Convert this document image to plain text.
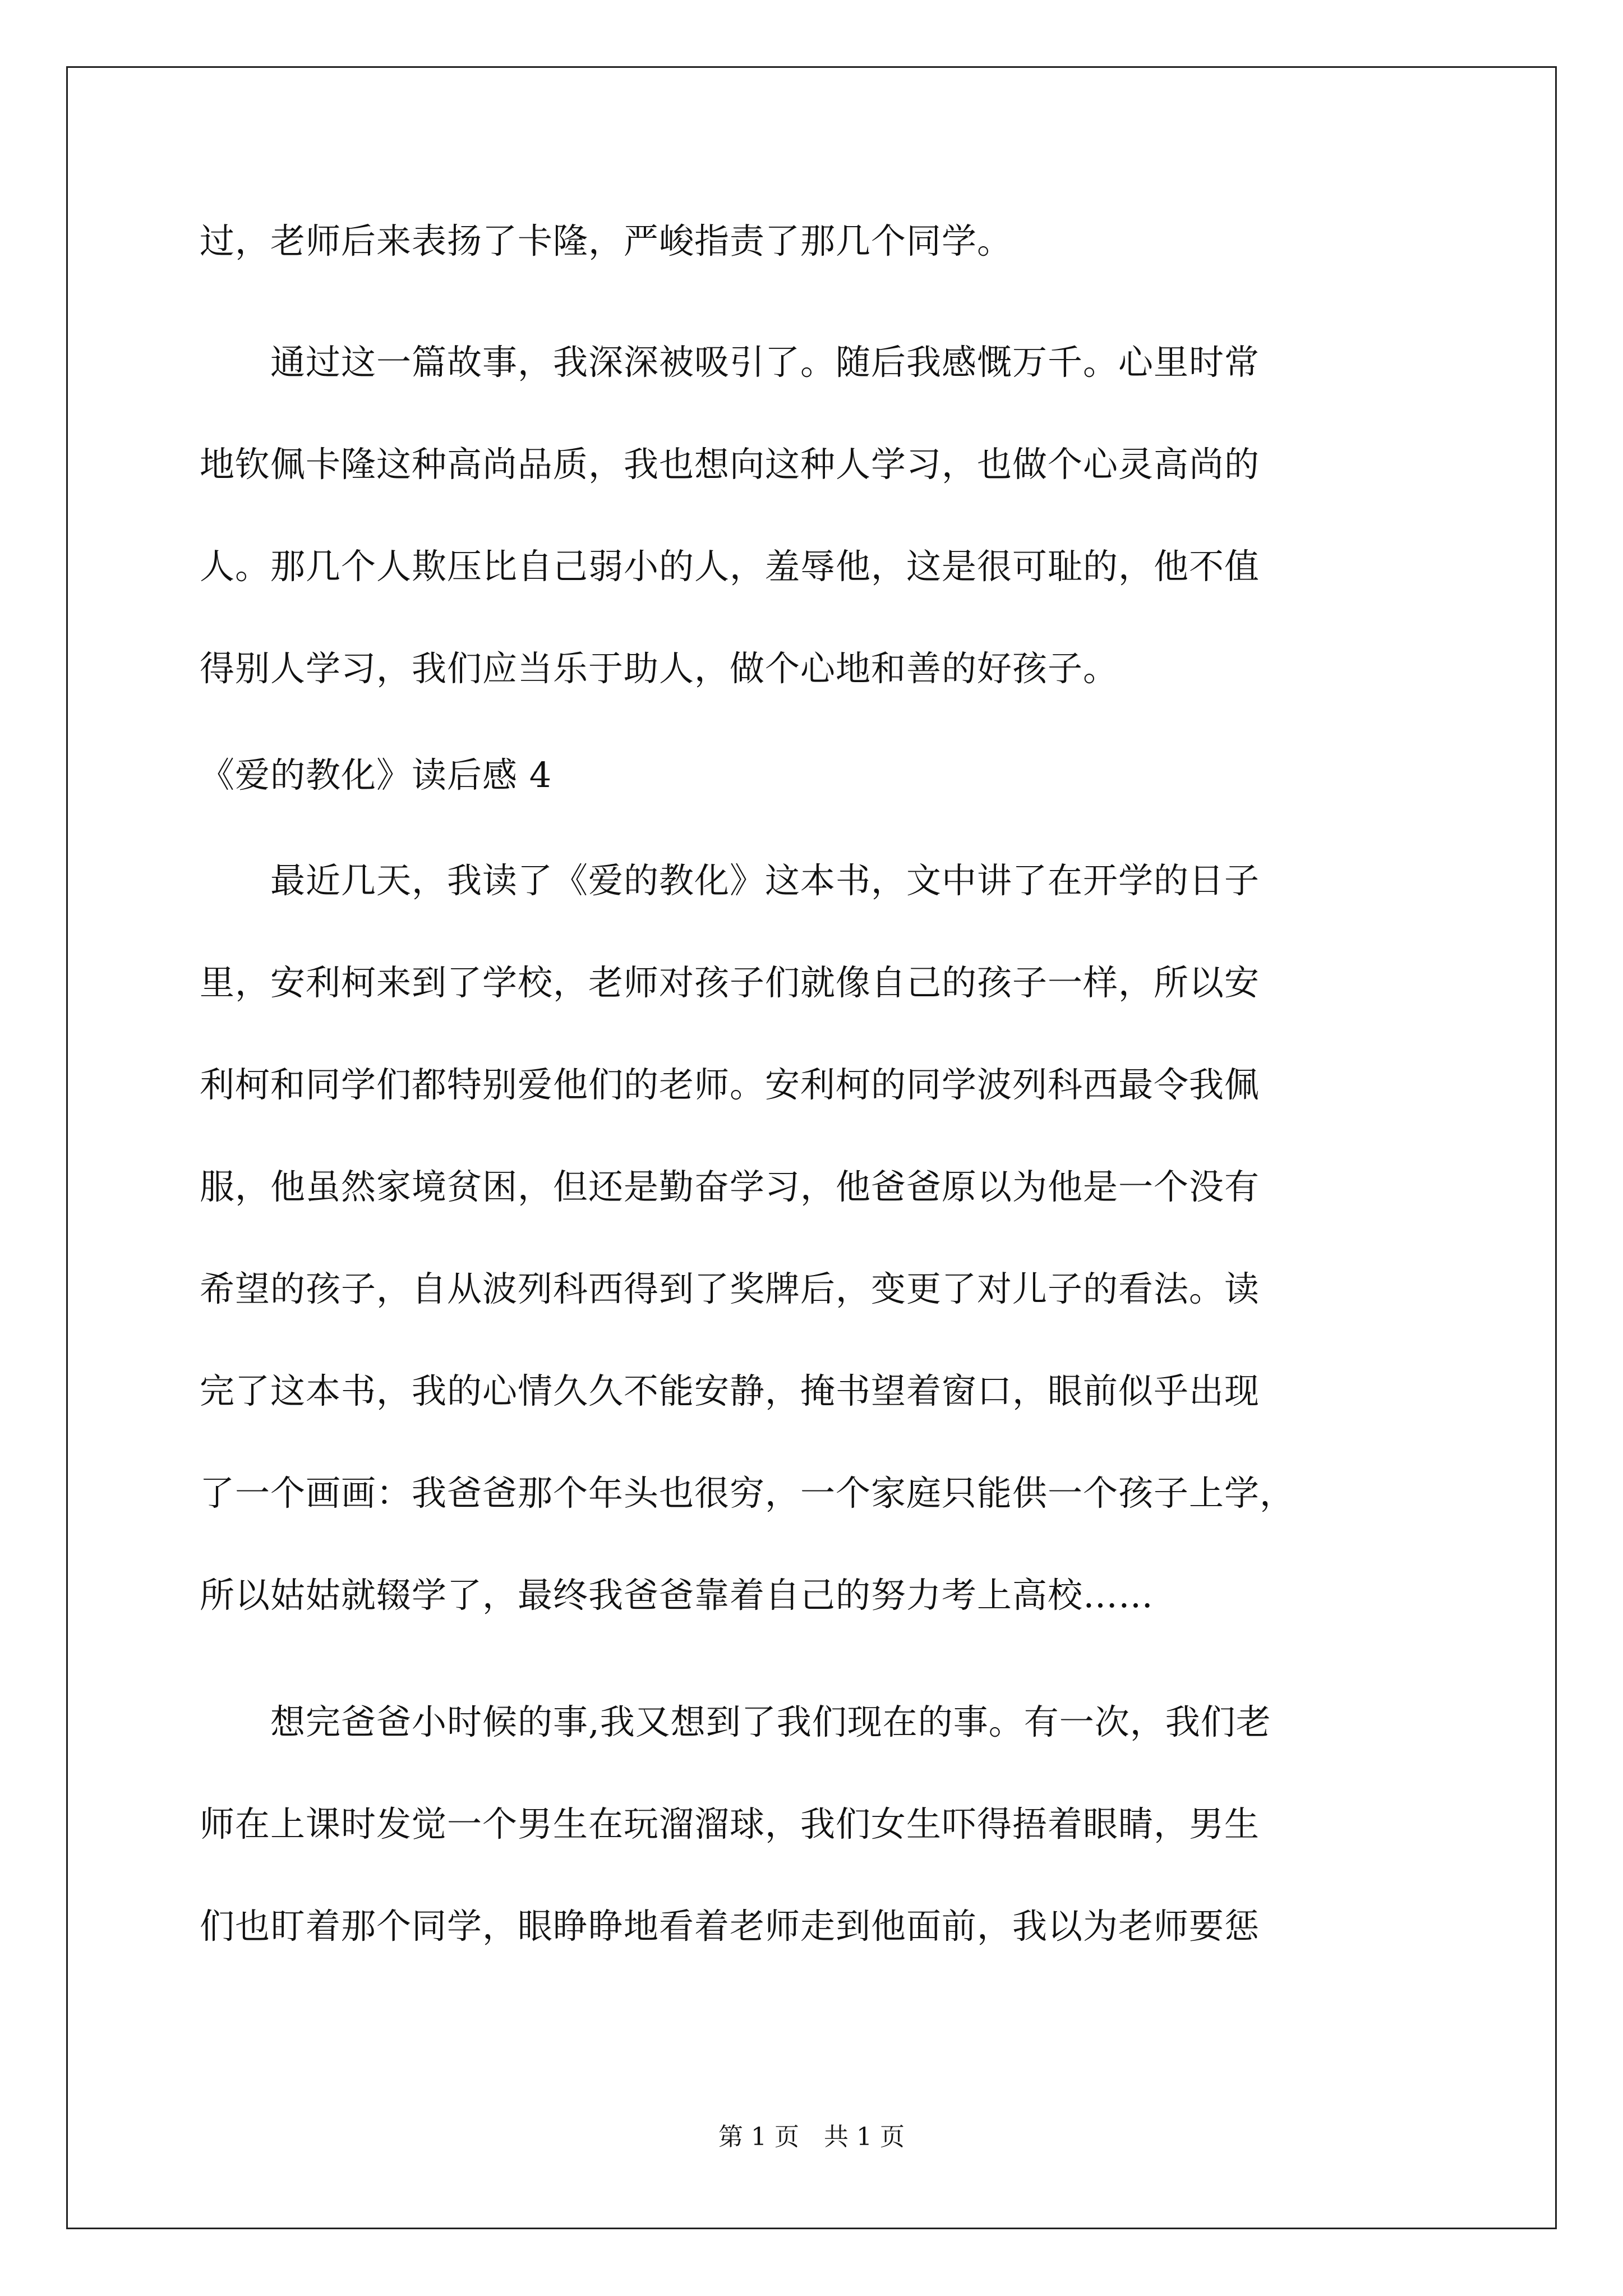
过，老师后来表扬了卡隆，严峻指责了那几个同学。
　　通过这一篇故事，我深深被吸引了。随后我感慨万千。心里时常
地钦佩卡隆这种高尚品质，我也想向这种人学习，也做个心灵高尚的
人。那几个人欺压比自己弱小的人，羞辱他，这是很可耻的，他不值
得别人学习，我们应当乐于助人，做个心地和善的好孩子。
《爱的教化》读后感 4
　　最近几天，我读了《爱的教化》这本书，文中讲了在开学的日子
里，安利柯来到了学校，老师对孩子们就像自己的孩子一样，所以安
利柯和同学们都特别爱他们的老师。安利柯的同学波列科西最令我佩
服，他虽然家境贫困，但还是勤奋学习，他爸爸原以为他是一个没有
希望的孩子，自从波列科西得到了奖牌后，变更了对儿子的看法。读
完了这本书，我的心情久久不能安静，掩书望着窗口，眼前似乎出现
了一个画画：我爸爸那个年头也很穷，一个家庭只能供一个孩子上学，
所以姑姑就辍学了，最终我爸爸靠着自己的努力考上高校……
　　想完爸爸小时候的事,我又想到了我们现在的事。有一次，我们老
师在上课时发觉一个男生在玩溜溜球，我们女生吓得捂着眼睛，男生
们也盯着那个同学，眼睁睁地看着老师走到他面前，我以为老师要惩
第 1 页　共 1 页
